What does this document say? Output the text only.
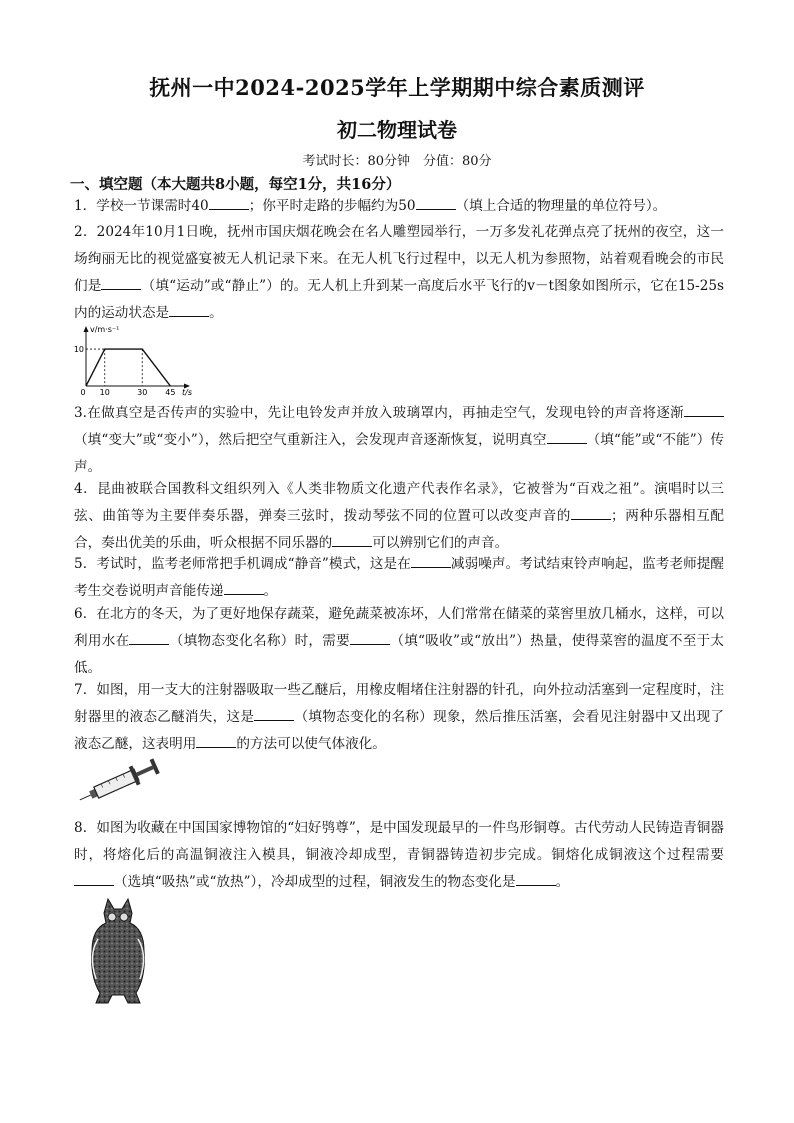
抚州一中2024-2025学年上学期期中综合素质测评
初二物理试卷
考试时长：80分钟　分值：80分
一、填空题（本大题共8小题，每空1分，共16分）
1．学校一节课需时40	；你平时走路的步幅约为50	（填上合适的物理量的单位符号）。
2．2024年10月1日晚，抚州市国庆烟花晚会在名人雕塑园举行，一万多发礼花弹点亮了抚州的夜空，这一场绚丽无比的视觉盛宴被无人机记录下来。在无人机飞行过程中，以无人机为参照物，站着观看晚会的市民们是	（填“运动”或“静止”）的。无人机上升到某一高度后水平飞行的v－t图象如图所示，它在15-25s内的运动状态是	。
v/m·s⁻¹
t/s
10
0 10	30 45
3.在做真空是否传声的实验中，先让电铃发声并放入玻璃罩内，再抽走空气，发现电铃的声音将逐渐（填“变大”或“变小”），然后把空气重新注入，会发现声音逐渐恢复，说明真空	（填“能”或“不能”）传声。
4．昆曲被联合国教科文组织列入《人类非物质文化遗产代表作名录》，它被誉为“百戏之祖”。演唱时以三弦、曲笛等为主要伴奏乐器，弹奏三弦时，拨动琴弦不同的位置可以改变声音的	；两种乐器相互配合，奏出优美的乐曲，听众根据不同乐器的	可以辨别它们的声音。
5．考试时，监考老师常把手机调成“静音”模式，这是在	减弱噪声。考试结束铃声响起，监考老师提醒考生交卷说明声音能传递	。
6．在北方的冬天，为了更好地保存蔬菜，避免蔬菜被冻坏，人们常常在储菜的菜窖里放几桶水，这样，可以利用水在	（填物态变化名称）时，需要	（填“吸收”或“放出”）热量，使得菜窖的温度不至于太低。
7．如图，用一支大的注射器吸取一些乙醚后，用橡皮帽堵住注射器的针孔，向外拉动活塞到一定程度时，注射器里的液态乙醚消失，这是	（填物态变化的名称）现象，然后推压活塞，会看见注射器中又出现了液态乙醚，这表明用	的方法可以使气体液化。
8．如图为收藏在中国国家博物馆的“妇好鸮尊”，是中国发现最早的一件鸟形铜尊。古代劳动人民铸造青铜器时，将熔化后的高温铜液注入模具，铜液冷却成型，青铜器铸造初步完成。铜熔化成铜液这个过程需要（选填“吸热”或“放热”），冷却成型的过程，铜液发生的物态变化是	。
